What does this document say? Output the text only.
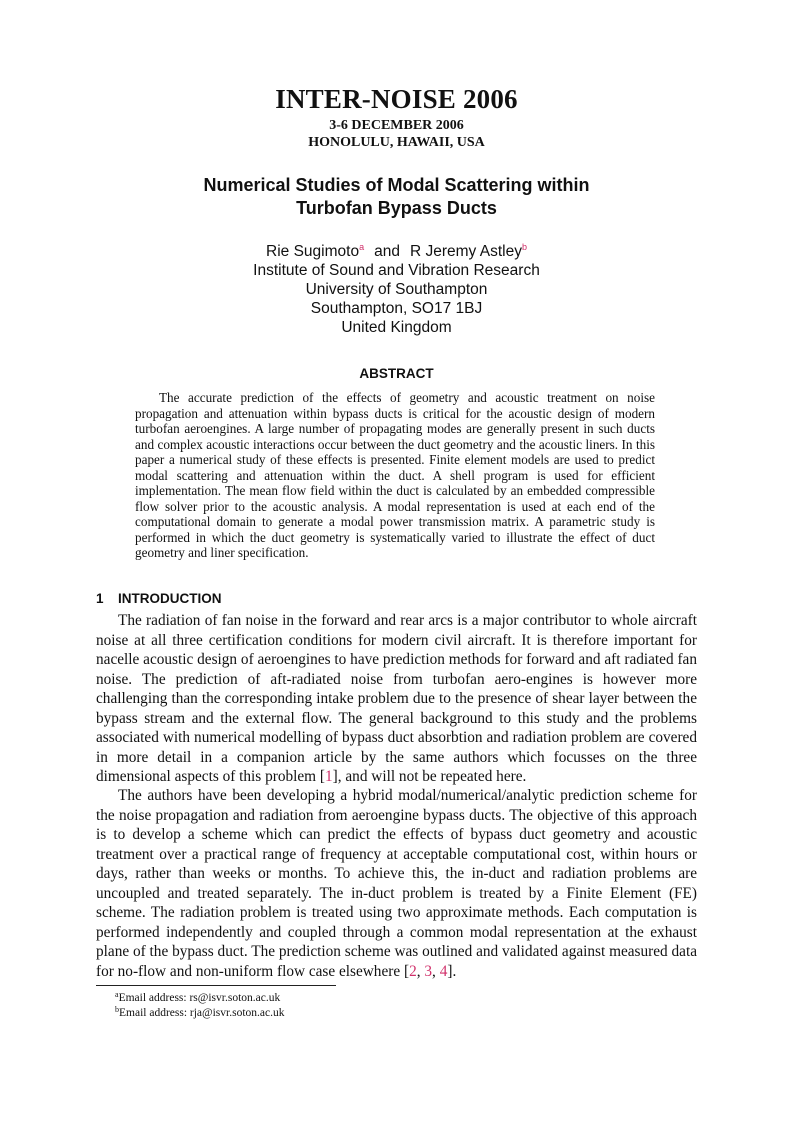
INTER-NOISE 2006
3-6 DECEMBER 2006
HONOLULU, HAWAII, USA
Numerical Studies of Modal Scattering within
Turbofan Bypass Ducts
Rie Sugimoto$^a$ and R Jeremy Astley$^b$
Institute of Sound and Vibration Research
University of Southampton
Southampton, SO17 1BJ
United Kingdom
ABSTRACT

The accurate prediction of the effects of geometry and acoustic treatment on noise propagation and attenuation within bypass ducts is critical for the acoustic design of modern turbofan aeroengines. A large number of propagating modes are generally present in such ducts and complex acoustic interactions occur between the duct geometry and the acoustic liners. In this paper a numerical study of these effects is presented. Finite element models are used to predict modal scattering and attenuation within the duct. A shell program is used for efficient implementation. The mean flow field within the duct is calculated by an embedded compressible flow solver prior to the acoustic analysis. A modal representation is used at each end of the computational domain to generate a modal power transmission matrix. A parametric study is performed in which the duct geometry is systematically varied to illustrate the effect of duct geometry and liner specification.

1 INTRODUCTION

The radiation of fan noise in the forward and rear arcs is a major contributor to whole aircraft noise at all three certification conditions for modern civil aircraft. It is therefore important for nacelle acoustic design of aeroengines to have prediction methods for forward and aft radiated fan noise. The prediction of aft-radiated noise from turbofan aero-engines is however more challenging than the corresponding intake problem due to the presence of shear layer between the bypass stream and the external flow. The general background to this study and the problems associated with numerical modelling of bypass duct absorbtion and radiation problem are covered in more detail in a companion article by the same authors which focusses on the three dimensional aspects of this problem [1], and will not be repeated here.

The authors have been developing a hybrid modal/numerical/analytic prediction scheme for the noise propagation and radiation from aeroengine bypass ducts. The objective of this approach is to develop a scheme which can predict the effects of bypass duct geometry and acoustic treatment over a practical range of frequency at acceptable computational cost, within hours or days, rather than weeks or months. To achieve this, the in-duct and radiation problems are uncoupled and treated separately. The in-duct problem is treated by a Finite Element (FE) scheme. The radiation problem is treated using two approximate methods. Each computation is performed independently and coupled through a common modal representation at the exhaust plane of the bypass duct. The prediction scheme was outlined and validated against measured data for no-flow and non-uniform flow case elsewhere [2, 3, 4].

$^a$Email address: rs@isvr.soton.ac.uk
$^b$Email address: rja@isvr.soton.ac.uk
